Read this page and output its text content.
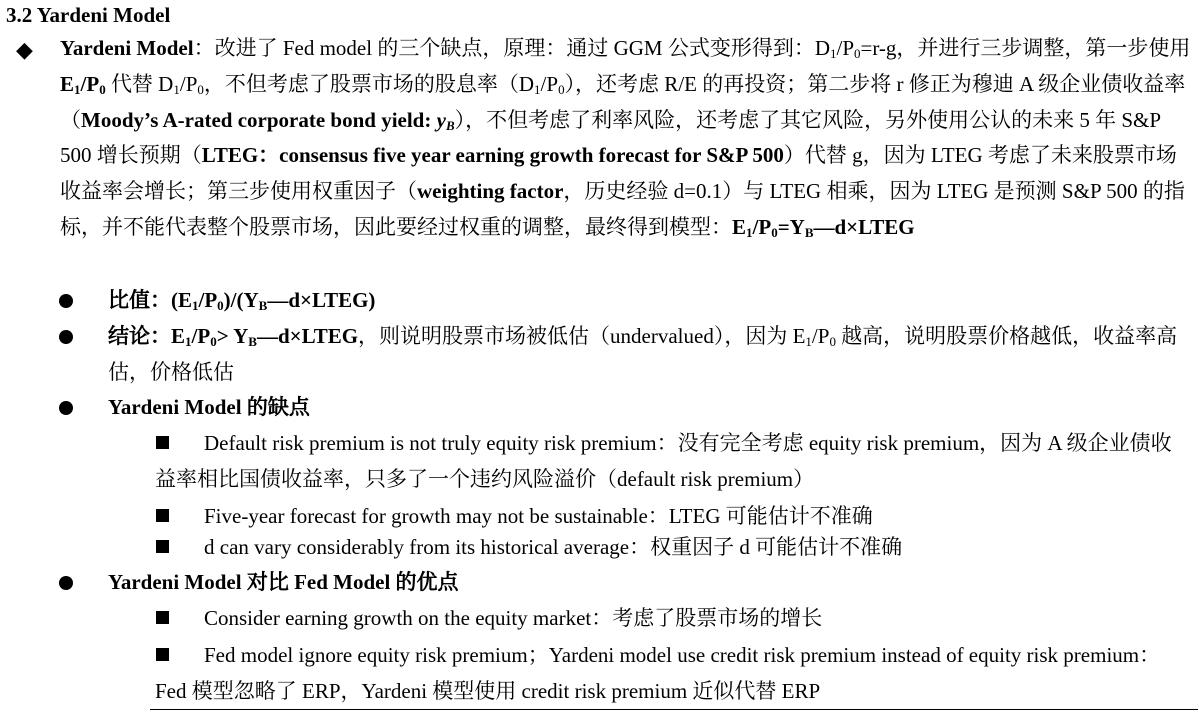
3.2 Yardeni Model
◆ Yardeni Model：改进了 Fed model 的三个缺点，原理：通过 GGM 公式变形得到：$D_1/P_0=r-g$，并进行三步调整，第一步使用 $E_1/P_0$ 代替 $D_1/P_0$，不但考虑了股票市场的股息率$(D_1/P_0)$，还考虑 R/E 的再投资；第二步将 r 修正为穆迪 A 级企业债收益率（Moody’s A-rated corporate bond yield: $y_B$），不但考虑了利率风险，还考虑了其它风险，另外使用公认的未来 5 年 S&P 500 增长预期（LTEG：consensus five year earning growth forecast for S&P 500）代替 g，因为 LTEG 考虑了未来股票市场收益率会增长；第三步使用权重因子（weighting factor，历史经验 d=0.1）与 LTEG 相乘，因为 LTEG 是预测 S&P 500 的指标，并不能代表整个股票市场，因此要经过权重的调整，最终得到模型：$E_1/P_0=Y_B—d\times LTEG$
比值：$(E_1/P_0)/(Y_B—d\times LTEG)$
结论：$E_1/P_0>$ $Y_B—d\times LTEG$，则说明股票市场被低估（undervalued），因为 $E_1/P_0$ 越高，说明股票价格越低，收益率高估，价格低估
Yardeni Model 的缺点
Default risk premium is not truly equity risk premium：没有完全考虑 equity risk premium，因为 A 级企业债收益率相比国债收益率，只多了一个违约风险溢价（default risk premium）
Five-year forecast for growth may not be sustainable：LTEG 可能估计不准确
d can vary considerably from its historical average：权重因子 d 可能估计不准确
Yardeni Model 对比 Fed Model 的优点
Consider earning growth on the equity market：考虑了股票市场的增长
Fed model ignore equity risk premium；Yardeni model use credit risk premium instead of equity risk premium：Fed 模型忽略了 ERP，Yardeni 模型使用 credit risk premium 近似代替 ERP
